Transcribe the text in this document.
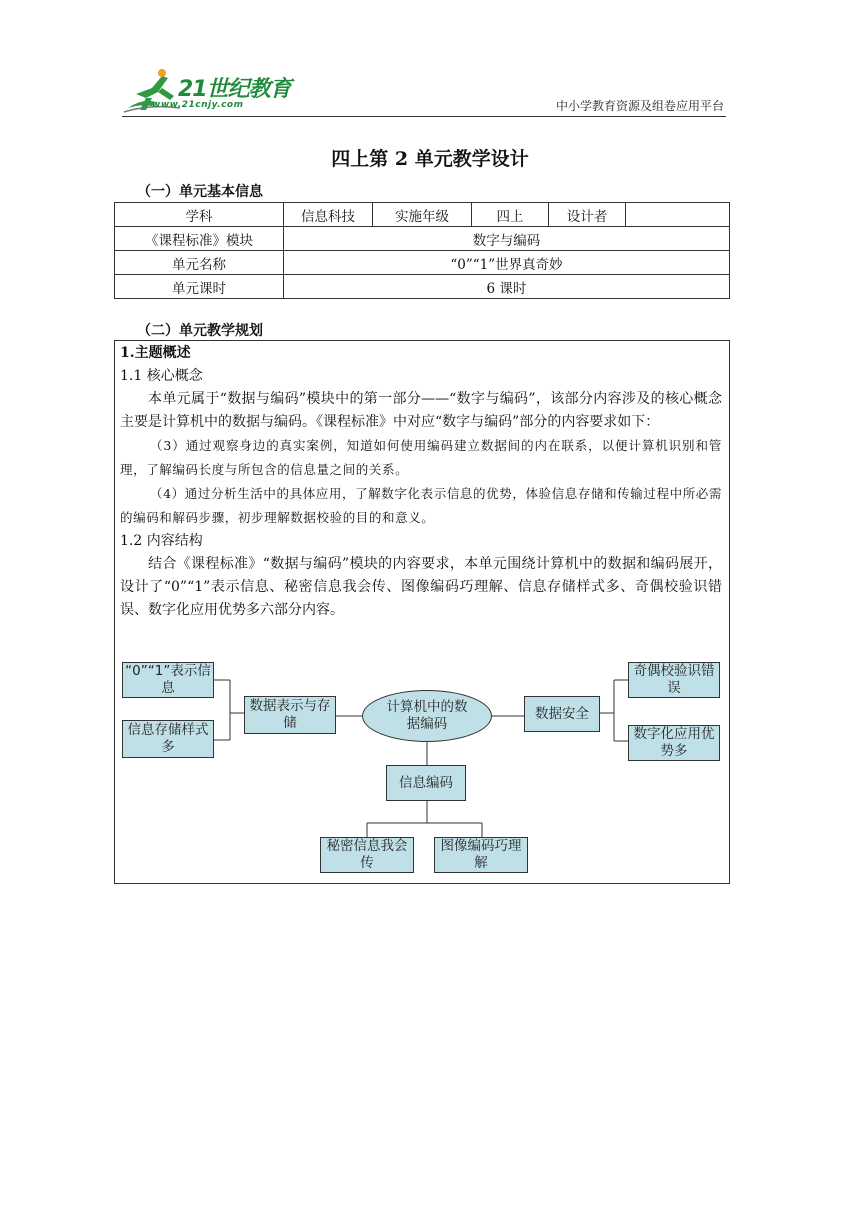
21世纪教育
www.21cnjy.com	中小学教育资源及组卷应用平台
四上第 2 单元教学设计
（一）单元基本信息
学科	信息科技	实施年级	四上	设计者	
《课程标准》模块	数字与编码				
单元名称	“0”“1”世界真奇妙				
单元课时	6 课时				
（二）单元教学规划

1.主题概述

1.1 核心概念

本单元属于“数据与编码”模块中的第一部分——“数字与编码”，该部分内容涉及的核心概念主要是计算机中的数据与编码。《课程标准》中对应“数字与编码”部分的内容要求如下：

（3）通过观察身边的真实案例，知道如何使用编码建立数据间的内在联系，以便计算机识别和管理，了解编码长度与所包含的信息量之间的关系。

（4）通过分析生活中的具体应用，了解数字化表示信息的优势，体验信息存储和传输过程中所必需的编码和解码步骤，初步理解数据校验的目的和意义。

1.2 内容结构

结合《课程标准》“数据与编码”模块的内容要求，本单元围绕计算机中的数据和编码展开，设计了“0”“1”表示信息、秘密信息我会传、图像编码巧理解、信息存储样式多、奇偶校验识错误、数字化应用优势多六部分内容。

“0”“1”表示信息
信息存储样式多
数据表示与存储
计算机中的数据编码
数据安全
奇偶校验识错误
数字化应用优势多
信息编码
秘密信息我会传
图像编码巧理解
